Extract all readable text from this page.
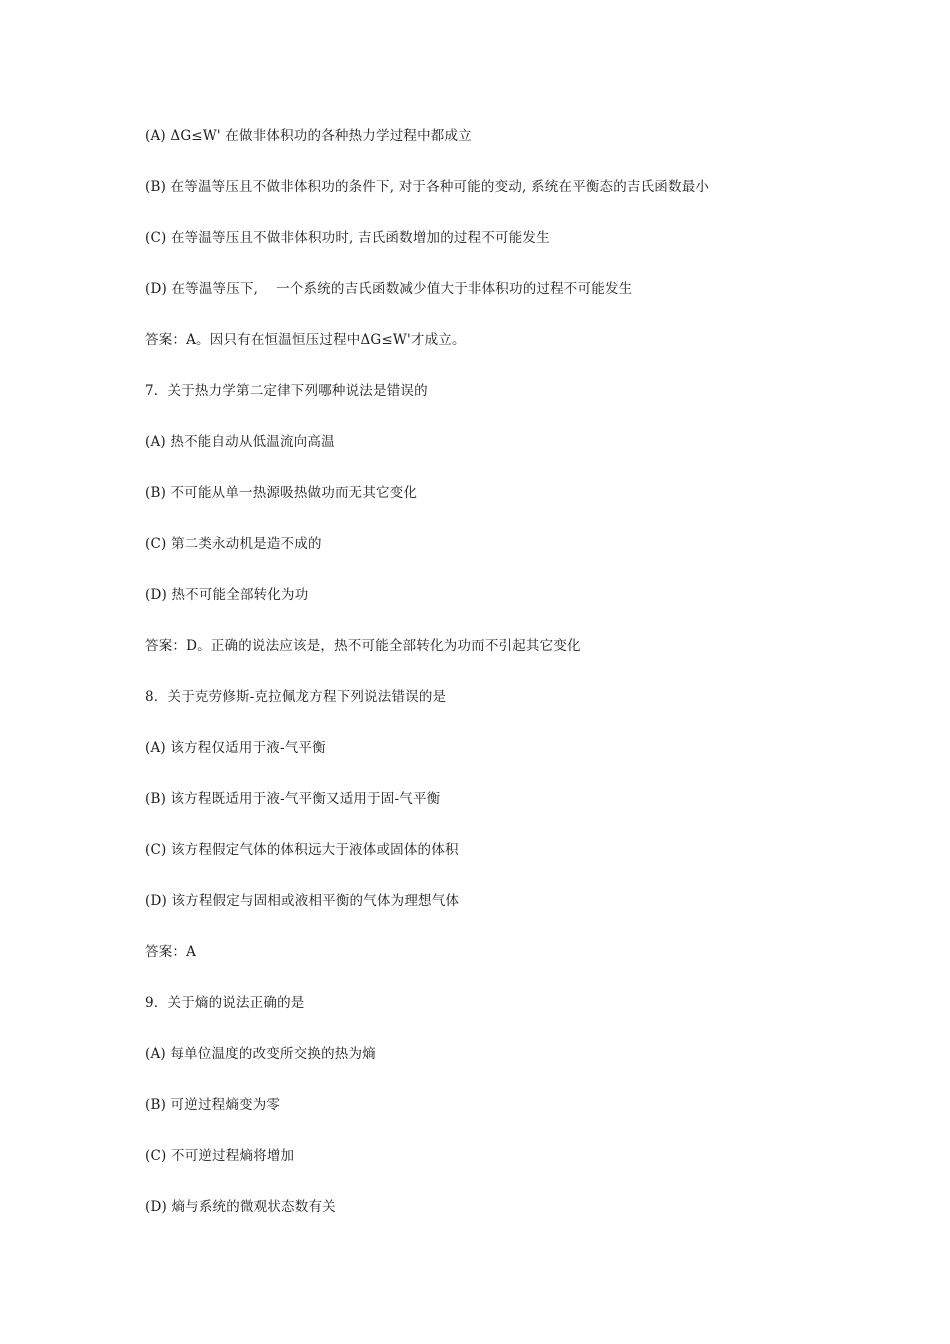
(A) ΔG≤W' 在做非体积功的各种热力学过程中都成立
(B) 在等温等压且不做非体积功的条件下, 对于各种可能的变动, 系统在平衡态的吉氏函数最小
(C) 在等温等压且不做非体积功时, 吉氏函数增加的过程不可能发生
(D) 在等温等压下,    一个系统的吉氏函数减少值大于非体积功的过程不可能发生
答案：A。因只有在恒温恒压过程中ΔG≤W'才成立。
7．关于热力学第二定律下列哪种说法是错误的
(A) 热不能自动从低温流向高温
(B) 不可能从单一热源吸热做功而无其它变化
(C) 第二类永动机是造不成的
(D) 热不可能全部转化为功
答案：D。正确的说法应该是，热不可能全部转化为功而不引起其它变化
8．关于克劳修斯-克拉佩龙方程下列说法错误的是
(A) 该方程仅适用于液-气平衡
(B) 该方程既适用于液-气平衡又适用于固-气平衡
(C) 该方程假定气体的体积远大于液体或固体的体积
(D) 该方程假定与固相或液相平衡的气体为理想气体
答案：A
9．关于熵的说法正确的是
(A) 每单位温度的改变所交换的热为熵
(B) 可逆过程熵变为零
(C) 不可逆过程熵将增加
(D) 熵与系统的微观状态数有关
